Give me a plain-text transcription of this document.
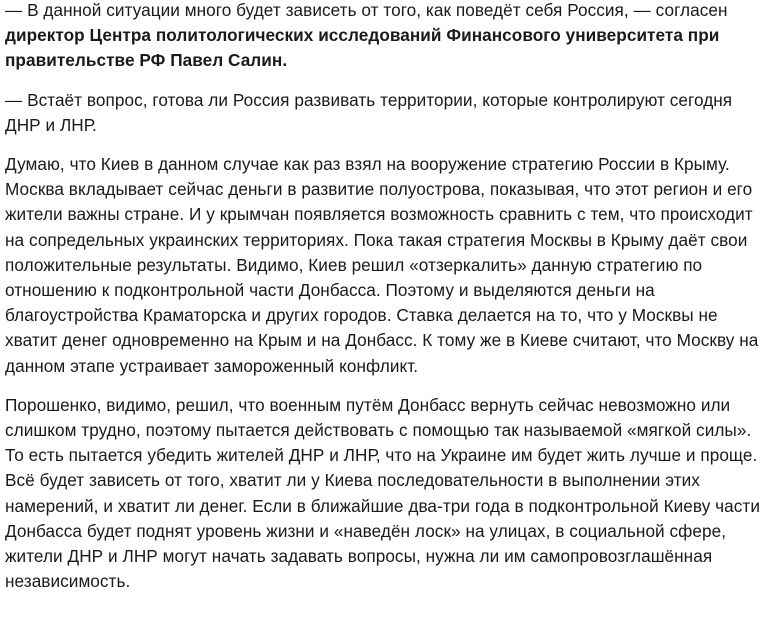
— В данной ситуации много будет зависеть от того, как поведёт себя Россия, — согласен директор Центра политологических исследований Финансового университета при правительстве РФ Павел Салин.

— Встаёт вопрос, готова ли Россия развивать территории, которые контролируют сегодня ДНР и ЛНР.

Думаю, что Киев в данном случае как раз взял на вооружение стратегию России в Крыму. Москва вкладывает сейчас деньги в развитие полуострова, показывая, что этот регион и его жители важны стране. И у крымчан появляется возможность сравнить с тем, что происходит на сопредельных украинских территориях. Пока такая стратегия Москвы в Крыму даёт свои положительные результаты. Видимо, Киев решил «отзеркалить» данную стратегию по отношению к подконтрольной части Донбасса. Поэтому и выделяются деньги на благоустройства Краматорска и других городов. Ставка делается на то, что у Москвы не хватит денег одновременно на Крым и на Донбасс. К тому же в Киеве считают, что Москву на данном этапе устраивает замороженный конфликт.

Порошенко, видимо, решил, что военным путём Донбасс вернуть сейчас невозможно или слишком трудно, поэтому пытается действовать с помощью так называемой «мягкой силы». То есть пытается убедить жителей ДНР и ЛНР, что на Украине им будет жить лучше и проще. Всё будет зависеть от того, хватит ли у Киева последовательности в выполнении этих намерений, и хватит ли денег. Если в ближайшие два-три года в подконтрольной Киеву части Донбасса будет поднят уровень жизни и «наведён лоск» на улицах, в социальной сфере, жители ДНР и ЛНР могут начать задавать вопросы, нужна ли им самопровозглашённая независимость.
